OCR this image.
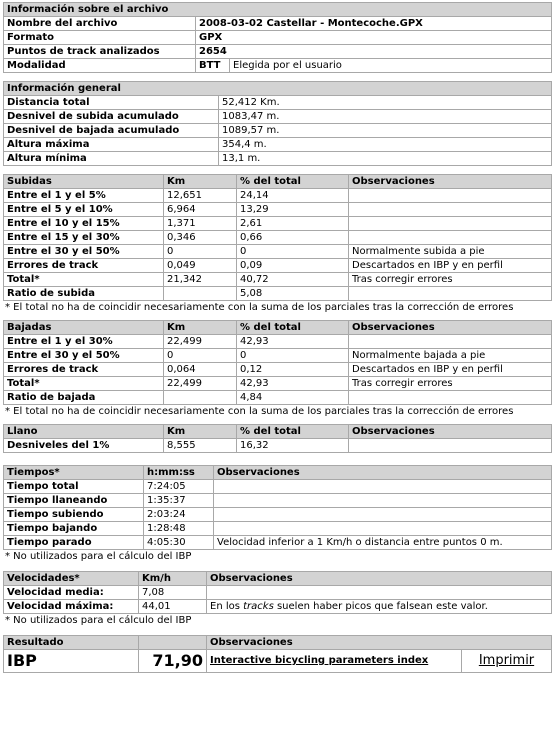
Información sobre el archivo		
Nombre del archivo	2008-03-02 Castellar - Montecoche.GPX	
Formato	GPX	
Puntos de track analizados	2654	
Modalidad	BTT	Elegida por el usuario
Información general	
Distancia total	52,412 Km.
Desnivel de subida acumulado	1083,47 m.
Desnivel de bajada acumulado	1089,57 m.
Altura máxima	354,4 m.
Altura mínima	13,1 m.
Subidas	Km	% del total	Observaciones
Entre el 1 y el 5%	12,651	24,14	
Entre el 5 y el 10%	6,964	13,29	
Entre el 10 y el 15%	1,371	2,61	
Entre el 15 y el 30%	0,346	0,66	
Entre el 30 y el 50%	0	0	Normalmente subida a pie
Errores de track	0,049	0,09	Descartados en IBP y en perfil
Total*	21,342	40,72	Tras corregir errores
Ratio de subida		5,08	
* El total no ha de coincidir necesariamente con la suma de los parciales tras la corrección de errores
Bajadas	Km	% del total	Observaciones
Entre el 1 y el 30%	22,499	42,93	
Entre el 30 y el 50%	0	0	Normalmente bajada a pie
Errores de track	0,064	0,12	Descartados en IBP y en perfil
Total*	22,499	42,93	Tras corregir errores
Ratio de bajada		4,84	
* El total no ha de coincidir necesariamente con la suma de los parciales tras la corrección de errores
Llano	Km	% del total	Observaciones
Desniveles del 1%	8,555	16,32	
Tiempos*	h:mm:ss	Observaciones
Tiempo total	7:24:05	
Tiempo llaneando	1:35:37	
Tiempo subiendo	2:03:24	
Tiempo bajando	1:28:48	
Tiempo parado	4:05:30	Velocidad inferior a 1 Km/h o distancia entre puntos 0 m.
* No utilizados para el cálculo del IBP
Velocidades*	Km/h	Observaciones
Velocidad media:	7,08	
Velocidad máxima:	44,01	En los tracks suelen haber picos que falsean este valor.
* No utilizados para el cálculo del IBP
Resultado		Observaciones	
IBP	71,90	Interactive bicycling parameters index	Imprimir
